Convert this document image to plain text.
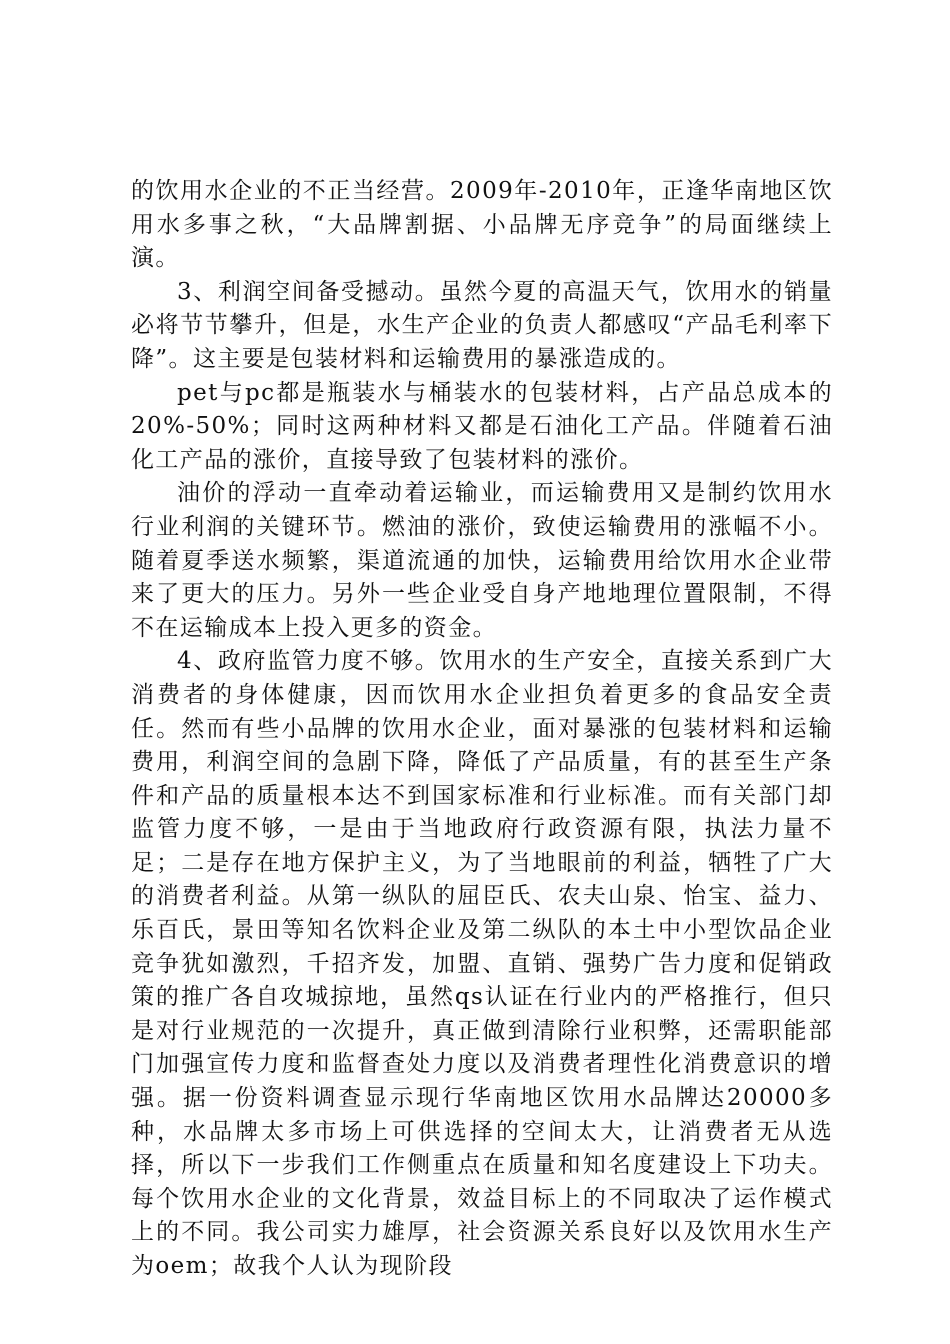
的饮用水企业的不正当经营。2009年-2010年，正逢华南地区饮用水多事之秋，“大品牌割据、小品牌无序竞争”的局面继续上演。

3、利润空间备受撼动。虽然今夏的高温天气，饮用水的销量必将节节攀升，但是，水生产企业的负责人都感叹“产品毛利率下降”。这主要是包装材料和运输费用的暴涨造成的。

pet与pc都是瓶装水与桶装水的包装材料，占产品总成本的20%-50%；同时这两种材料又都是石油化工产品。伴随着石油化工产品的涨价，直接导致了包装材料的涨价。

油价的浮动一直牵动着运输业，而运输费用又是制约饮用水行业利润的关键环节。燃油的涨价，致使运输费用的涨幅不小。随着夏季送水频繁，渠道流通的加快，运输费用给饮用水企业带来了更大的压力。另外一些企业受自身产地地理位置限制，不得不在运输成本上投入更多的资金。

4、政府监管力度不够。饮用水的生产安全，直接关系到广大消费者的身体健康，因而饮用水企业担负着更多的食品安全责任。然而有些小品牌的饮用水企业，面对暴涨的包装材料和运输费用，利润空间的急剧下降，降低了产品质量，有的甚至生产条件和产品的质量根本达不到国家标准和行业标准。而有关部门却监管力度不够，一是由于当地政府行政资源有限，执法力量不足；二是存在地方保护主义，为了当地眼前的利益，牺牲了广大的消费者利益。从第一纵队的屈臣氏、农夫山泉、怡宝、益力、乐百氏，景田等知名饮料企业及第二纵队的本土中小型饮品企业竞争犹如激烈，千招齐发，加盟、直销、强势广告力度和促销政策的推广各自攻城掠地，虽然qs认证在行业内的严格推行，但只是对行业规范的一次提升，真正做到清除行业积弊，还需职能部门加强宣传力度和监督查处力度以及消费者理性化消费意识的增强。据一份资料调查显示现行华南地区饮用水品牌达20000多种，水品牌太多市场上可供选择的空间太大，让消费者无从选择，所以下一步我们工作侧重点在质量和知名度建设上下功夫。每个饮用水企业的文化背景，效益目标上的不同取决了运作模式上的不同。我公司实力雄厚，社会资源关系良好以及饮用水生产为oem；故我个人认为现阶段
